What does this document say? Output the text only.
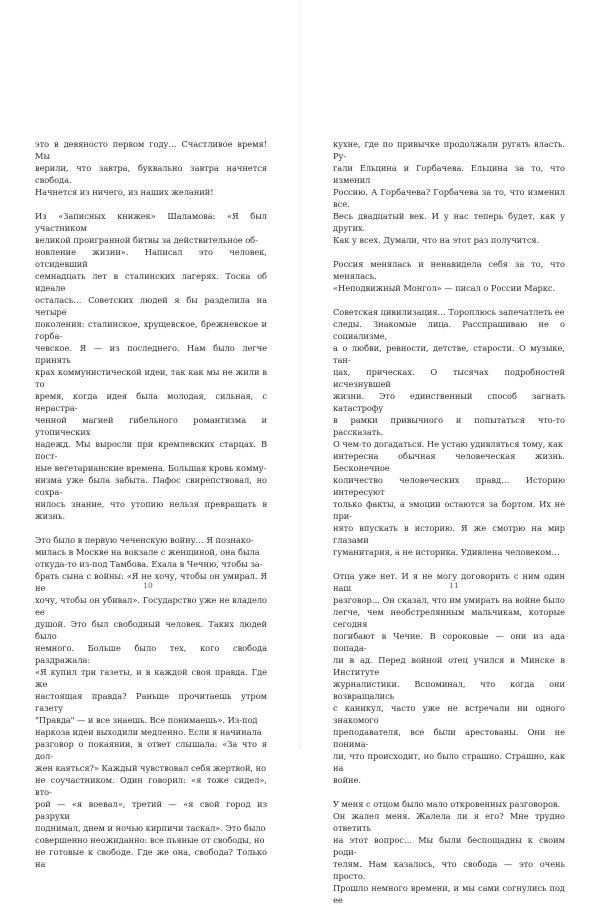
это в девяносто первом году… Счастливое время! Мы
верили, что завтра, буквально завтра начнется свобода.
Начнется из ничего, из наших желаний!

Из «Записных книжек» Шаламова: «Я был участником
великой проигранной битвы за действительное об-
новление жизни». Написал это человек, отсидевший
семнадцать лет в сталинских лагерях. Тоска об идеале
осталась… Советских людей я бы разделила на четыре
поколения: сталинское, хрущевское, брежневское и горба-
чевское. Я — из последнего. Нам было легче принять
крах коммунистической идеи, так как мы не жили в то
время, когда идея была молодая, сильная, с нерастра-
ченной магией гибельного романтизма и утопических
надежд. Мы выросли при кремлевских старцах. В пост-
ные вегетарианские времена. Большая кровь комму-
низма уже была забыта. Пафос свирепствовал, но сохра-
нилось знание, что утопию нельзя превращать в жизнь.

Это было в первую чеченскую войну… Я познако-
милась в Москве на вокзале с женщиной, она была
откуда-то из-под Тамбова. Ехала в Чечню, чтобы за-
брать сына с войны: «Я не хочу, чтобы он умирал. Я не
хочу, чтобы он убивал». Государство уже не владело ее
душой. Это был свободный человек. Таких людей было
немного. Больше было тех, кого свобода раздражала:
«Я купил три газеты, и в каждой своя правда. Где же
настоящая правда? Раньше прочитаешь утром газету
"Правда" — и все знаешь. Все понимаешь». Из-под
наркоза идеи выходили медленно. Если я начинала
разговор о покаянии, в ответ слышала: «За что я дол-
жен каяться?» Каждый чувствовал себя жертвой, но
не соучастником. Один говорил: «я тоже сидел», вто-
рой — «я воевал», третий — «я свой город из разрухи
поднимал, днем и ночью кирпичи таскал». Это было
совершенно неожиданно: все пьяные от свободы, но
не готовые к свободе. Где же она, свобода? Только на

кухне, где по привычке продолжали ругать власть. Ру-
гали Ельцина и Горбачева. Ельцина за то, что изменил
Россию. А Горбачева? Горбачева за то, что изменил все.
Весь двадцатый век. И у нас теперь будет, как у других.
Как у всех. Думали, что на этот раз получится.

Россия менялась и ненавидела себя за то, что менялась.
«Неподвижный Монгол» — писал о России Маркс.

Советская цивилизация… Тороплюсь запечатлеть ее
следы. Знакомые лица. Расспрашиваю не о социализме,
а о любви, ревности, детстве, старости. О музыке, тан-
цах, прическах. О тысячах подробностей исчезнувшей
жизни. Это единственный способ загнать катастрофу
в рамки привычного и попытаться что-то рассказать.
О чем-то догадаться. Не устаю удивляться тому, как
интересна обычная человеческая жизнь. Бесконечное
количество человеческих правд… Историю интересуют
только факты, а эмоции остаются за бортом. Их не при-
нято впускать в историю. Я же смотрю на мир глазами
гуманитария, а не историка. Удивлена человеком…

Отца уже нет. И я не могу договорить с ним один наш
разговор… Он сказал, что им умирать на войне было
легче, чем необстрелянным мальчикам, которые сегодня
погибают в Чечне. В сороковые — они из ада попада-
ли в ад. Перед войной отец учился в Минске в Институте
журналистики. Вспоминал, что когда они возвращались
с каникул, часто уже не встречали ни одного знакомого
преподавателя, все были арестованы. Они не понима-
ли, что происходит, но было страшно. Страшно, как на
войне.

У меня с отцом было мало откровенных разговоров.
Он жалел меня. Жалела ли я его? Мне трудно ответить
на этот вопрос… Мы были беспощадны к своим роди-
телям. Нам казалось, что свобода — это очень просто.
Прошло немного времени, и мы сами согнулись под ее

10	11
